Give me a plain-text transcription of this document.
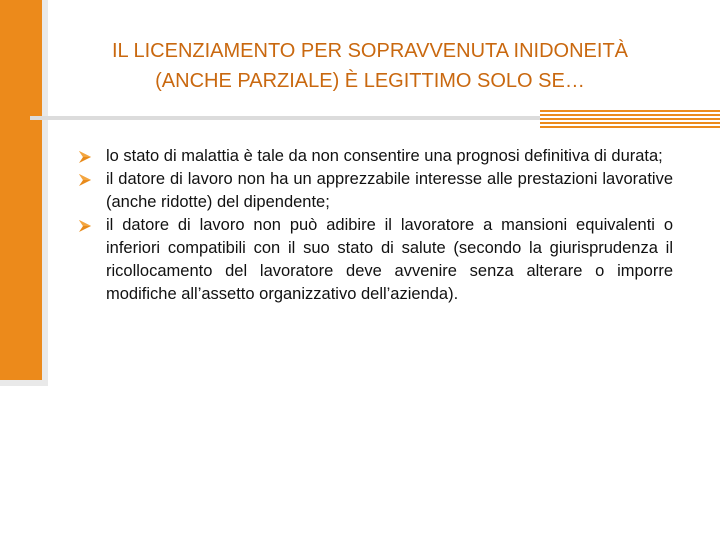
IL LICENZIAMENTO PER SOPRAVVENUTA INIDONEITÀ
(ANCHE PARZIALE) È LEGITTIMO SOLO SE…
lo stato di malattia è tale da non consentire una prognosi definitiva di durata;
il datore di lavoro non ha un apprezzabile interesse alle prestazioni lavorative (anche ridotte) del dipendente;
il datore di lavoro non può adibire il lavoratore a mansioni equivalenti o inferiori compatibili con il suo stato di salute (secondo la giurisprudenza il ricollocamento del lavoratore deve avvenire senza alterare o imporre modifiche all’assetto organizzativo dell’azienda).
